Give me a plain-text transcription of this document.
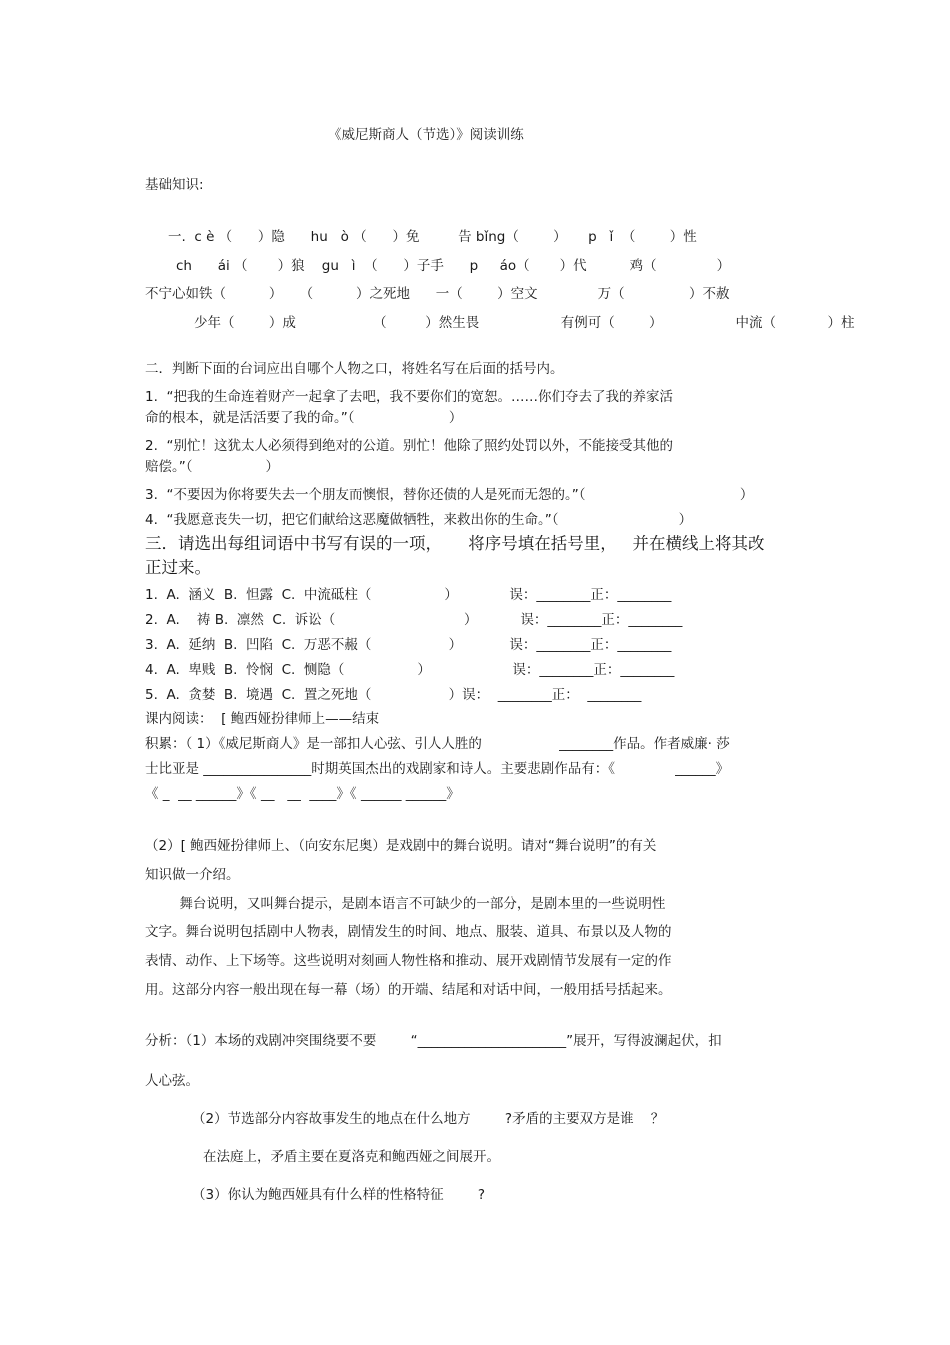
《威尼斯商人（节选）》阅读训练
基础知识:
一.  c è （      ）隐      hu   ò （      ）免         告 bǐng（        ）     p   ǐ  （        ）性
ch      ái （       ）狼    gu   ì  （      ）子手      p     áo（       ）代          鸡（              ）
不宁心如铁（          ）    （          ）之死地      一（        ）空文              万（               ）不赦
少年（        ）成                  （         ）然生畏                   有例可（        ）                 中流（            ）柱
二．判断下面的台词应出自哪个人物之口，将姓名写在后面的括号内。
1.  “把我的生命连着财产一起拿了去吧，我不要你们的宽恕。……你们夺去了我的养家活
命的根本，就是活活要了我的命。”（                      ）
2.  “别忙！这犹太人必须得到绝对的公道。别忙！他除了照约处罚以外，不能接受其他的
赔偿。”（                 ）
3.  “不要因为你将要失去一个朋友而懊恨，替你还债的人是死而无怨的。”（                                    ）
4.  “我愿意丧失一切，把它们献给这恶魔做牺牲，来救出你的生命。”（                            ）
三．请选出每组词语中书写有误的一项，     将序号填在括号里，   并在横线上将其改
正过来。
1.  A.  涵义  B.  怛露  C.  中流砥柱（                 ）            误：________正：________
2.  A.    祷 B.  凛然  C.  诉讼（                              ）          误：________正：________
3.  A.  延纳  B.  凹陷  C.  万恶不赧（                  ）           误：________正：________
4.  A.  卑贱  B.  怜悯  C.  恻隐（                 ）                   误：________正：________
5.  A.  贪婪  B.  境遇  C.  置之死地（                  ）误：  ________正：  ________
课内阅读：  [ 鲍西娅扮律师上——结束
积累：（ 1）《威尼斯商人》是一部扣人心弦、引人人胜的                  ________作品。作者威廉· 莎
士比亚是 ________________时期英国杰出的戏剧家和诗人。主要悲剧作品有：《              ______》
《 _  __ ______》《 __   __  ____》《 ______ ______》
（2）[ 鲍西娅扮律师上、（向安东尼奥）是戏剧中的舞台说明。请对“舞台说明”的有关
知识做一介绍。
舞台说明，又叫舞台提示，是剧本语言不可缺少的一部分，是剧本里的一些说明性
文字。舞台说明包括剧中人物表，剧情发生的时间、地点、服装、道具、布景以及人物的
表情、动作、上下场等。这些说明对刻画人物性格和推动、展开戏剧情节发展有一定的作
用。这部分内容一般出现在每一幕（场）的开端、结尾和对话中间，一般用括号括起来。
分析：（1）本场的戏剧冲突围绕要不要        “______________________”展开，写得波澜起伏，扣
人心弦。
（2）节选部分内容故事发生的地点在什么地方        ?矛盾的主要双方是谁    ？
在法庭上，矛盾主要在夏洛克和鲍西娅之间展开。
（3）你认为鲍西娅具有什么样的性格特征        ?
